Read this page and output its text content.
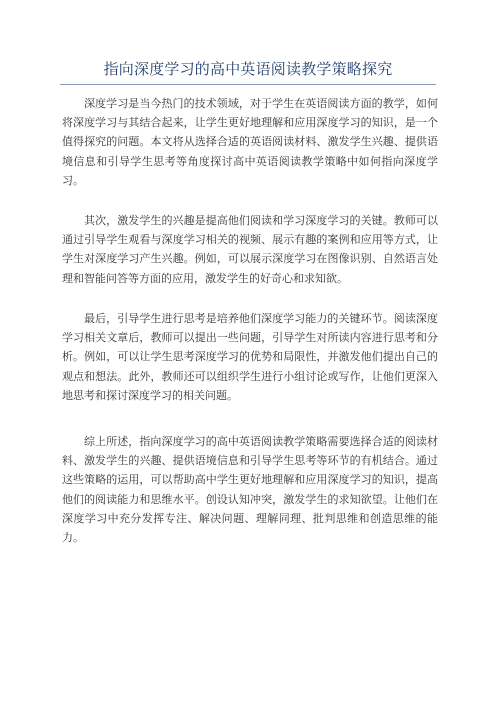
指向深度学习的高中英语阅读教学策略探究

深度学习是当今热门的技术领域，对于学生在英语阅读方面的教学，如何将深度学习与其结合起来，让学生更好地理解和应用深度学习的知识，是一个值得探究的问题。本文将从选择合适的英语阅读材料、激发学生兴趣、提供语境信息和引导学生思考等角度探讨高中英语阅读教学策略中如何指向深度学习。

其次，激发学生的兴趣是提高他们阅读和学习深度学习的关键。教师可以通过引导学生观看与深度学习相关的视频、展示有趣的案例和应用等方式，让学生对深度学习产生兴趣。例如，可以展示深度学习在图像识别、自然语言处理和智能问答等方面的应用，激发学生的好奇心和求知欲。

最后，引导学生进行思考是培养他们深度学习能力的关键环节。阅读深度学习相关文章后，教师可以提出一些问题，引导学生对所读内容进行思考和分析。例如，可以让学生思考深度学习的优势和局限性，并激发他们提出自己的观点和想法。此外，教师还可以组织学生进行小组讨论或写作，让他们更深入地思考和探讨深度学习的相关问题。

综上所述，指向深度学习的高中英语阅读教学策略需要选择合适的阅读材料、激发学生的兴趣、提供语境信息和引导学生思考等环节的有机结合。通过这些策略的运用，可以帮助高中学生更好地理解和应用深度学习的知识，提高他们的阅读能力和思维水平。创设认知冲突，激发学生的求知欲望。让他们在深度学习中充分发挥专注、解决问题、理解同理、批判思维和创造思维的能力。
